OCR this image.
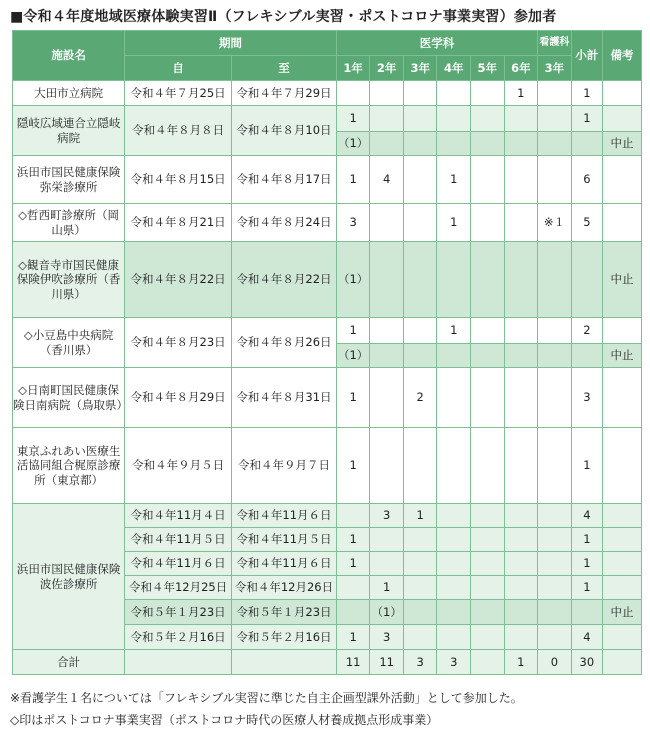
■令和４年度地域医療体験実習Ⅱ（フレキシブル実習・ポストコロナ事業実習）参加者
施設名	期間		医学科						看護科	小計	備考
	自	至	1年	2年	3年	4年	5年	6年	3年		
大田市立病院	令和４年７月25日	令和４年７月29日						1		1	
隠岐広域連合立隠岐病院	令和４年８月８日	令和４年８月10日	1							1	
			（1）								中止
浜田市国民健康保険弥栄診療所	令和４年８月15日	令和４年８月17日	1	4		1				6	
◇哲西町診療所（岡山県）	令和４年８月21日	令和４年８月24日	3			1			※１	5	
◇観音寺市国民健康保険伊吹診療所（香川県）	令和４年８月22日	令和４年８月22日	（1）								中止
◇小豆島中央病院（香川県）	令和４年８月23日	令和４年８月26日	1			1				2	
			（1）								中止
◇日南町国民健康保険日南病院（鳥取県）	令和４年８月29日	令和４年８月31日	1		2					3	
東京ふれあい医療生活協同組合梶原診療所（東京都）	令和４年９月５日	令和４年９月７日	1							1	
浜田市国民健康保険波佐診療所	令和４年11月４日	令和４年11月６日		3	1					4	
	令和４年11月５日	令和４年11月５日	1							1	
	令和４年11月６日	令和４年11月６日	1							1	
	令和４年12月25日	令和４年12月26日		1						1	
	令和５年１月23日	令和５年１月23日		（1）							中止
	令和５年２月16日	令和５年２月16日	1	3						4	
合計			11	11	3	3		1	0	30	
※看護学生１名については「フレキシブル実習に準じた自主企画型課外活動」として参加した。
◇印はポストコロナ事業実習（ポストコロナ時代の医療人材養成拠点形成事業）
